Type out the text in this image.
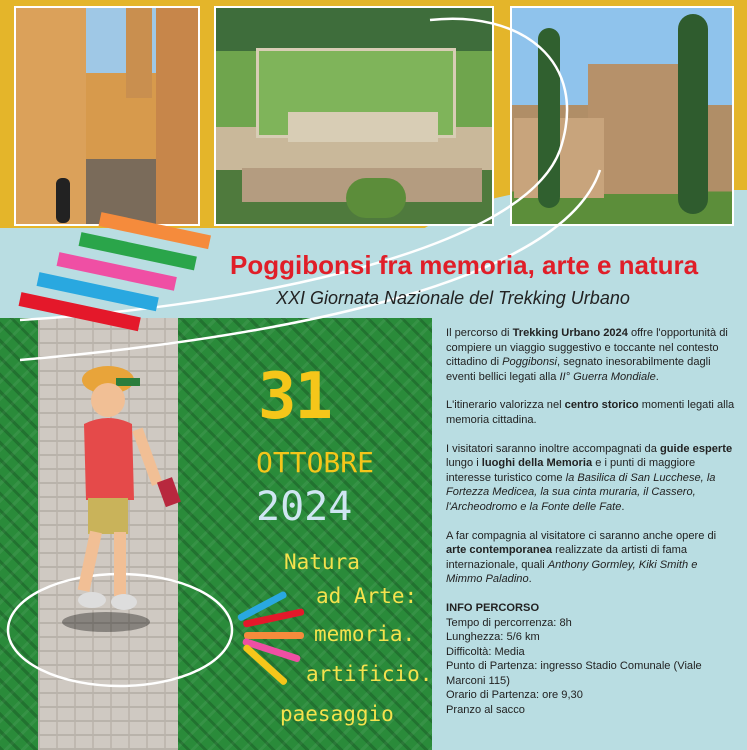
Poggibonsi fra memoria, arte e natura
XXI Giornata Nazionale del Trekking Urbano
31
OTTOBRE
2024
Natura
ad Arte:
memoria.
artificio.
paesaggio

Il percorso di Trekking Urbano 2024 offre l'opportunità di compiere un viaggio suggestivo e toccante nel contesto cittadino di Poggibonsi, segnato inesorabilmente dagli eventi bellici legati alla II° Guerra Mondiale.

L'itinerario valorizza nel centro storico momenti legati alla memoria cittadina.

I visitatori saranno inoltre accompagnati da guide esperte lungo i luoghi della Memoria e i punti di maggiore interesse turistico come la Basilica di San Lucchese, la Fortezza Medicea, la sua cinta muraria, il Cassero, l'Archeodromo e la Fonte delle Fate.

A far compagnia al visitatore ci saranno anche opere di arte contemporanea realizzate da artisti di fama internazionale, quali Anthony Gormley, Kiki Smith e Mimmo Paladino.

INFO PERCORSO
Tempo di percorrenza: 8h
Lunghezza: 5/6 km
Difficoltà: Media
Punto di Partenza: ingresso Stadio Comunale (Viale Marconi 115)
Orario di Partenza: ore 9,30
Pranzo al sacco
